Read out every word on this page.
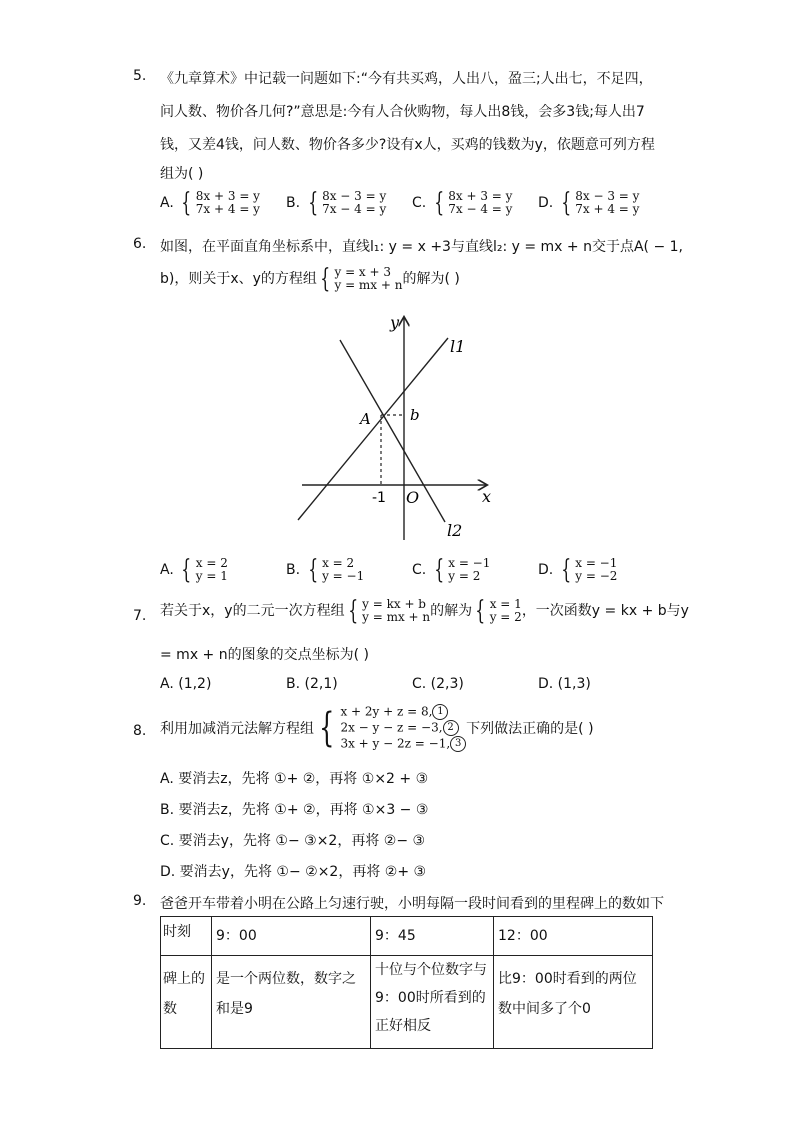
5. 《九章算术》中记载一问题如下:“今有共买鸡，人出八，盈三;人出七，不足四，
问人数、物价各几何?”意思是:今有人合伙购物，每人出8钱，会多3钱;每人出7
钱，又差4钱，问人数、物价各多少?设有x人，买鸡的钱数为y，依题意可列方程
组为( )
A. { 8x + 3 = y
7x + 4 = y B. { 8x − 3 = y
7x − 4 = y C. { 8x + 3 = y
7x − 4 = y D. { 8x − 3 = y
7x + 4 = y
6. 如图，在平面直角坐标系中，直线l₁: y = x +3与直线l₂: y = mx + n交于点A( − 1,
b)，则关于x、y的方程组 { y = x + 3
y = mx + n 的解为( )
y
x
l1
l2
A	b
-1 O
A. { x = 2
y = 1	B. { x = 2
y = −1	C. { x = −1
y = 2	D. { x = −1
y = −2
7. 若关于x，y的二元一次方程组 { y = kx + b
y = mx + n 的解为 { x = 1
y = 2 ，一次函数y = kx + b与y
= mx + n的图象的交点坐标为( )
A. (1,2)	B. (2,1)	C. (2,3)	D. (1,3)
8. 利用加减消元法解方程组 { x + 2y + z = 8, 1
2x − y − z = −3, 2
3x + y − 2z = −1, 3
下列做法正确的是( )
A. 要消去z，先将 ①+ ②，再将 ①×2 + ③
B. 要消去z，先将 ①+ ②，再将 ①×3 − ③
C. 要消去y，先将 ①− ③×2，再将 ②− ③
D. 要消去y，先将 ①− ②×2，再将 ②+ ③
9. 爸爸开车带着小明在公路上匀速行驶，小明每隔一段时间看到的里程碑上的数如下
时刻	9：00	9：45	12：00
碑上的数	是一个两位数，数字之和是9	十位与个位数字与9：00时所看到的正好相反	比9：00时看到的两位数中间多了个0
